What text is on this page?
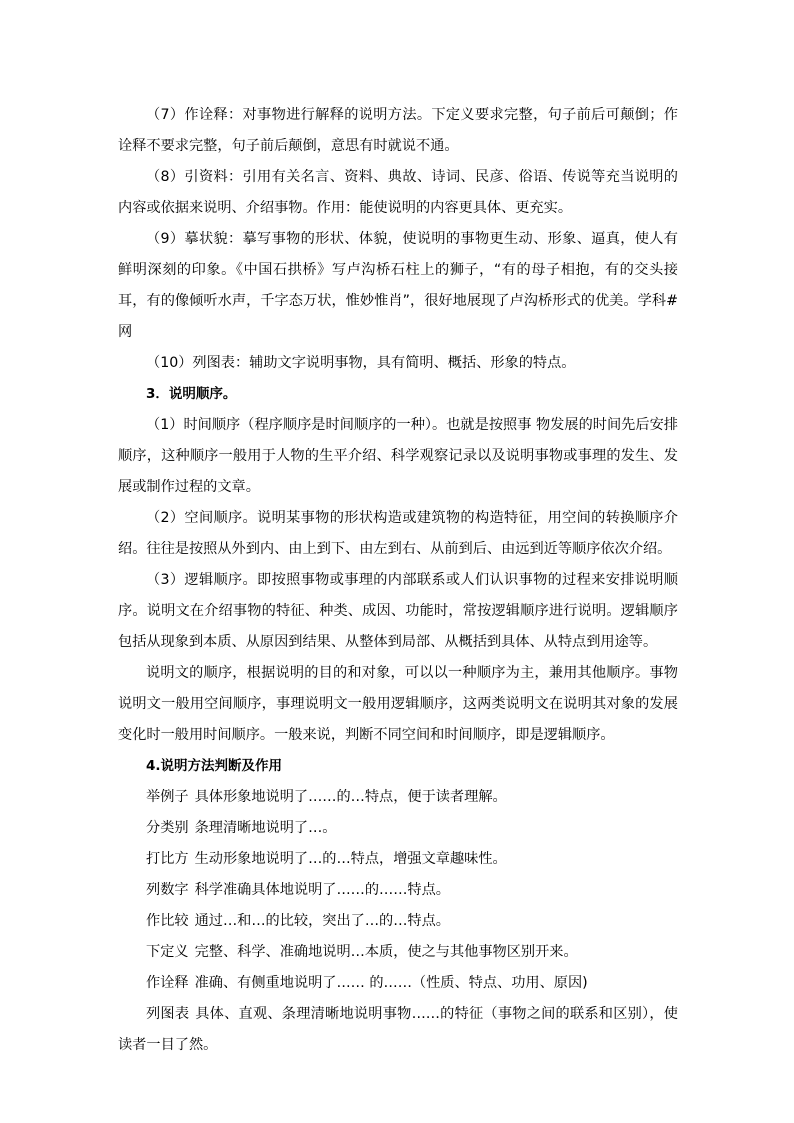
（7）作诠释：对事物进行解释的说明方法。下定义要求完整，句子前后可颠倒；作诠释不要求完整，句子前后颠倒，意思有时就说不通。

（8）引资料：引用有关名言、资料、典故、诗词、民彦、俗语、传说等充当说明的内容或依据来说明、介绍事物。作用：能使说明的内容更具体、更充实。

（9）摹状貌：摹写事物的形状、体貌，使说明的事物更生动、形象、逼真，使人有鲜明深刻的印象。《中国石拱桥》写卢沟桥石柱上的狮子，“有的母子相抱，有的交头接耳，有的像倾听水声，千字态万状，惟妙惟肖”，很好地展现了卢沟桥形式的优美。学科#网

（10）列图表：辅助文字说明事物，具有简明、概括、形象的特点。

3．说明顺序。

（1）时间顺序（程序顺序是时间顺序的一种）。也就是按照事 物发展的时间先后安排顺序，这种顺序一般用于人物的生平介绍、科学观察记录以及说明事物或事理的发生、发展或制作过程的文章。

（2）空间顺序。说明某事物的形状构造或建筑物的构造特征，用空间的转换顺序介绍。往往是按照从外到内、由上到下、由左到右、从前到后、由远到近等顺序依次介绍。

（3）逻辑顺序。即按照事物或事理的内部联系或人们认识事物的过程来安排说明顺序。说明文在介绍事物的特征、种类、成因、功能时，常按逻辑顺序进行说明。逻辑顺序包括从现象到本质、从原因到结果、从整体到局部、从概括到具体、从特点到用途等。

说明文的顺序，根据说明的目的和对象，可以以一种顺序为主，兼用其他顺序。事物说明文一般用空间顺序，事理说明文一般用逻辑顺序，这两类说明文在说明其对象的发展变化时一般用时间顺序。一般来说，判断不同空间和时间顺序，即是逻辑顺序。

4.说明方法判断及作用

举例子 具体形象地说明了……的…特点，便于读者理解。

分类别 条理清晰地说明了…。

打比方 生动形象地说明了…的…特点，增强文章趣味性。

列数字 科学准确具体地说明了……的……特点。

作比较 通过…和…的比较，突出了…的…特点。

下定义 完整、科学、准确地说明…本质，使之与其他事物区别开来。

作诠释 准确、有侧重地说明了…… 的……（性质、特点、功用、原因)

列图表 具体、直观、条理清晰地说明事物……的特征（事物之间的联系和区别），使读者一目了然。
